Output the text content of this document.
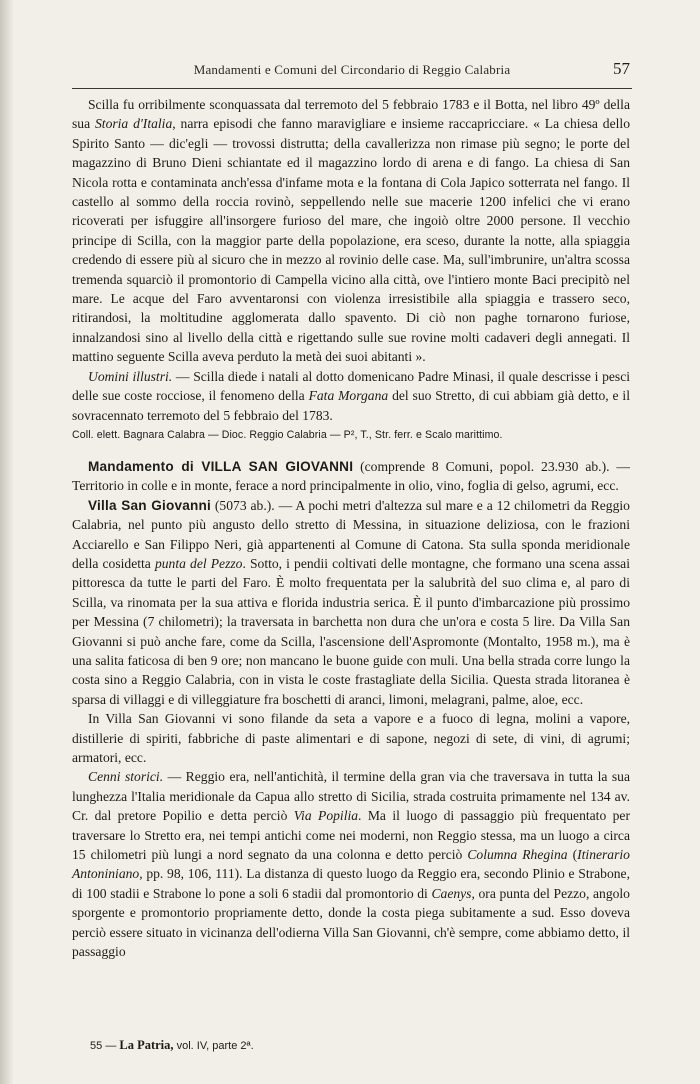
Mandamenti e Comuni del Circondario di Reggio Calabria	57

Scilla fu orribilmente sconquassata dal terremoto del 5 febbraio 1783 e il Botta, nel libro 49º della sua Storia d'Italia, narra episodi che fanno maravigliare e insieme raccapricciare. « La chiesa dello Spirito Santo — dic'egli — trovossi distrutta; della cavallerizza non rimase più segno; le porte del magazzino di Bruno Dieni schiantate ed il magazzino lordo di arena e di fango. La chiesa di San Nicola rotta e contaminata anch'essa d'infame mota e la fontana di Cola Japico sotterrata nel fango. Il castello al sommo della roccia rovinò, seppellendo nelle sue macerie 1200 infelici che vi erano ricoverati per isfuggire all'insorgere furioso del mare, che ingoiò oltre 2000 persone. Il vecchio principe di Scilla, con la maggior parte della popolazione, era sceso, durante la notte, alla spiaggia credendo di essere più al sicuro che in mezzo al rovinio delle case. Ma, sull'imbrunire, un'altra scossa tremenda squarciò il promontorio di Campella vicino alla città, ove l'intiero monte Baci precipitò nel mare. Le acque del Faro avventaronsi con violenza irresistibile alla spiaggia e trassero seco, ritirandosi, la moltitudine agglomerata dallo spavento. Di ciò non paghe tornarono furiose, innalzandosi sino al livello della città e rigettando sulle sue rovine molti cadaveri degli annegati. Il mattino seguente Scilla aveva perduto la metà dei suoi abitanti ».

Uomini illustri. — Scilla diede i natali al dotto domenicano Padre Minasi, il quale descrisse i pesci delle sue coste rocciose, il fenomeno della Fata Morgana del suo Stretto, di cui abbiam già detto, e il sovracennato terremoto del 5 febbraio del 1783.

Coll. elett. Bagnara Calabra — Dioc. Reggio Calabria — P², T., Str. ferr. e Scalo marittimo.

Mandamento di VILLA SAN GIOVANNI (comprende 8 Comuni, popol. 23.930 ab.). — Territorio in colle e in monte, ferace a nord principalmente in olio, vino, foglia di gelso, agrumi, ecc.

Villa San Giovanni (5073 ab.). — A pochi metri d'altezza sul mare e a 12 chilometri da Reggio Calabria, nel punto più angusto dello stretto di Messina, in situazione deliziosa, con le frazioni Acciarello e San Filippo Neri, già appartenenti al Comune di Catona. Sta sulla sponda meridionale della cosidetta punta del Pezzo. Sotto, i pendii coltivati delle montagne, che formano una scena assai pittoresca da tutte le parti del Faro. È molto frequentata per la salubrità del suo clima e, al paro di Scilla, va rinomata per la sua attiva e florida industria serica. È il punto d'imbarcazione più prossimo per Messina (7 chilometri); la traversata in barchetta non dura che un'ora e costa 5 lire. Da Villa San Giovanni si può anche fare, come da Scilla, l'ascensione dell'Aspromonte (Montalto, 1958 m.), ma è una salita faticosa di ben 9 ore; non mancano le buone guide con muli. Una bella strada corre lungo la costa sino a Reggio Calabria, con in vista le coste frastagliate della Sicilia. Questa strada litoranea è sparsa di villaggi e di villeggiature fra boschetti di aranci, limoni, melagrani, palme, aloe, ecc.

In Villa San Giovanni vi sono filande da seta a vapore e a fuoco di legna, molini a vapore, distillerie di spiriti, fabbriche di paste alimentari e di sapone, negozi di sete, di vini, di agrumi; armatori, ecc.

Cenni storici. — Reggio era, nell'antichità, il termine della gran via che traversava in tutta la sua lunghezza l'Italia meridionale da Capua allo stretto di Sicilia, strada costruita primamente nel 134 av. Cr. dal pretore Popilio e detta perciò Via Popilia. Ma il luogo di passaggio più frequentato per traversare lo Stretto era, nei tempi antichi come nei moderni, non Reggio stessa, ma un luogo a circa 15 chilometri più lungi a nord segnato da una colonna e detto perciò Columna Rhegina (Itinerario Antoniniano, pp. 98, 106, 111). La distanza di questo luogo da Reggio era, secondo Plinio e Strabone, di 100 stadii e Strabone lo pone a soli 6 stadii dal promontorio di Caenys, ora punta del Pezzo, angolo sporgente e promontorio propriamente detto, donde la costa piega subitamente a sud. Esso doveva perciò essere situato in vicinanza dell'odierna Villa San Giovanni, ch'è sempre, come abbiamo detto, il passaggio

55 — La Patria, vol. IV, parte 2ª.
